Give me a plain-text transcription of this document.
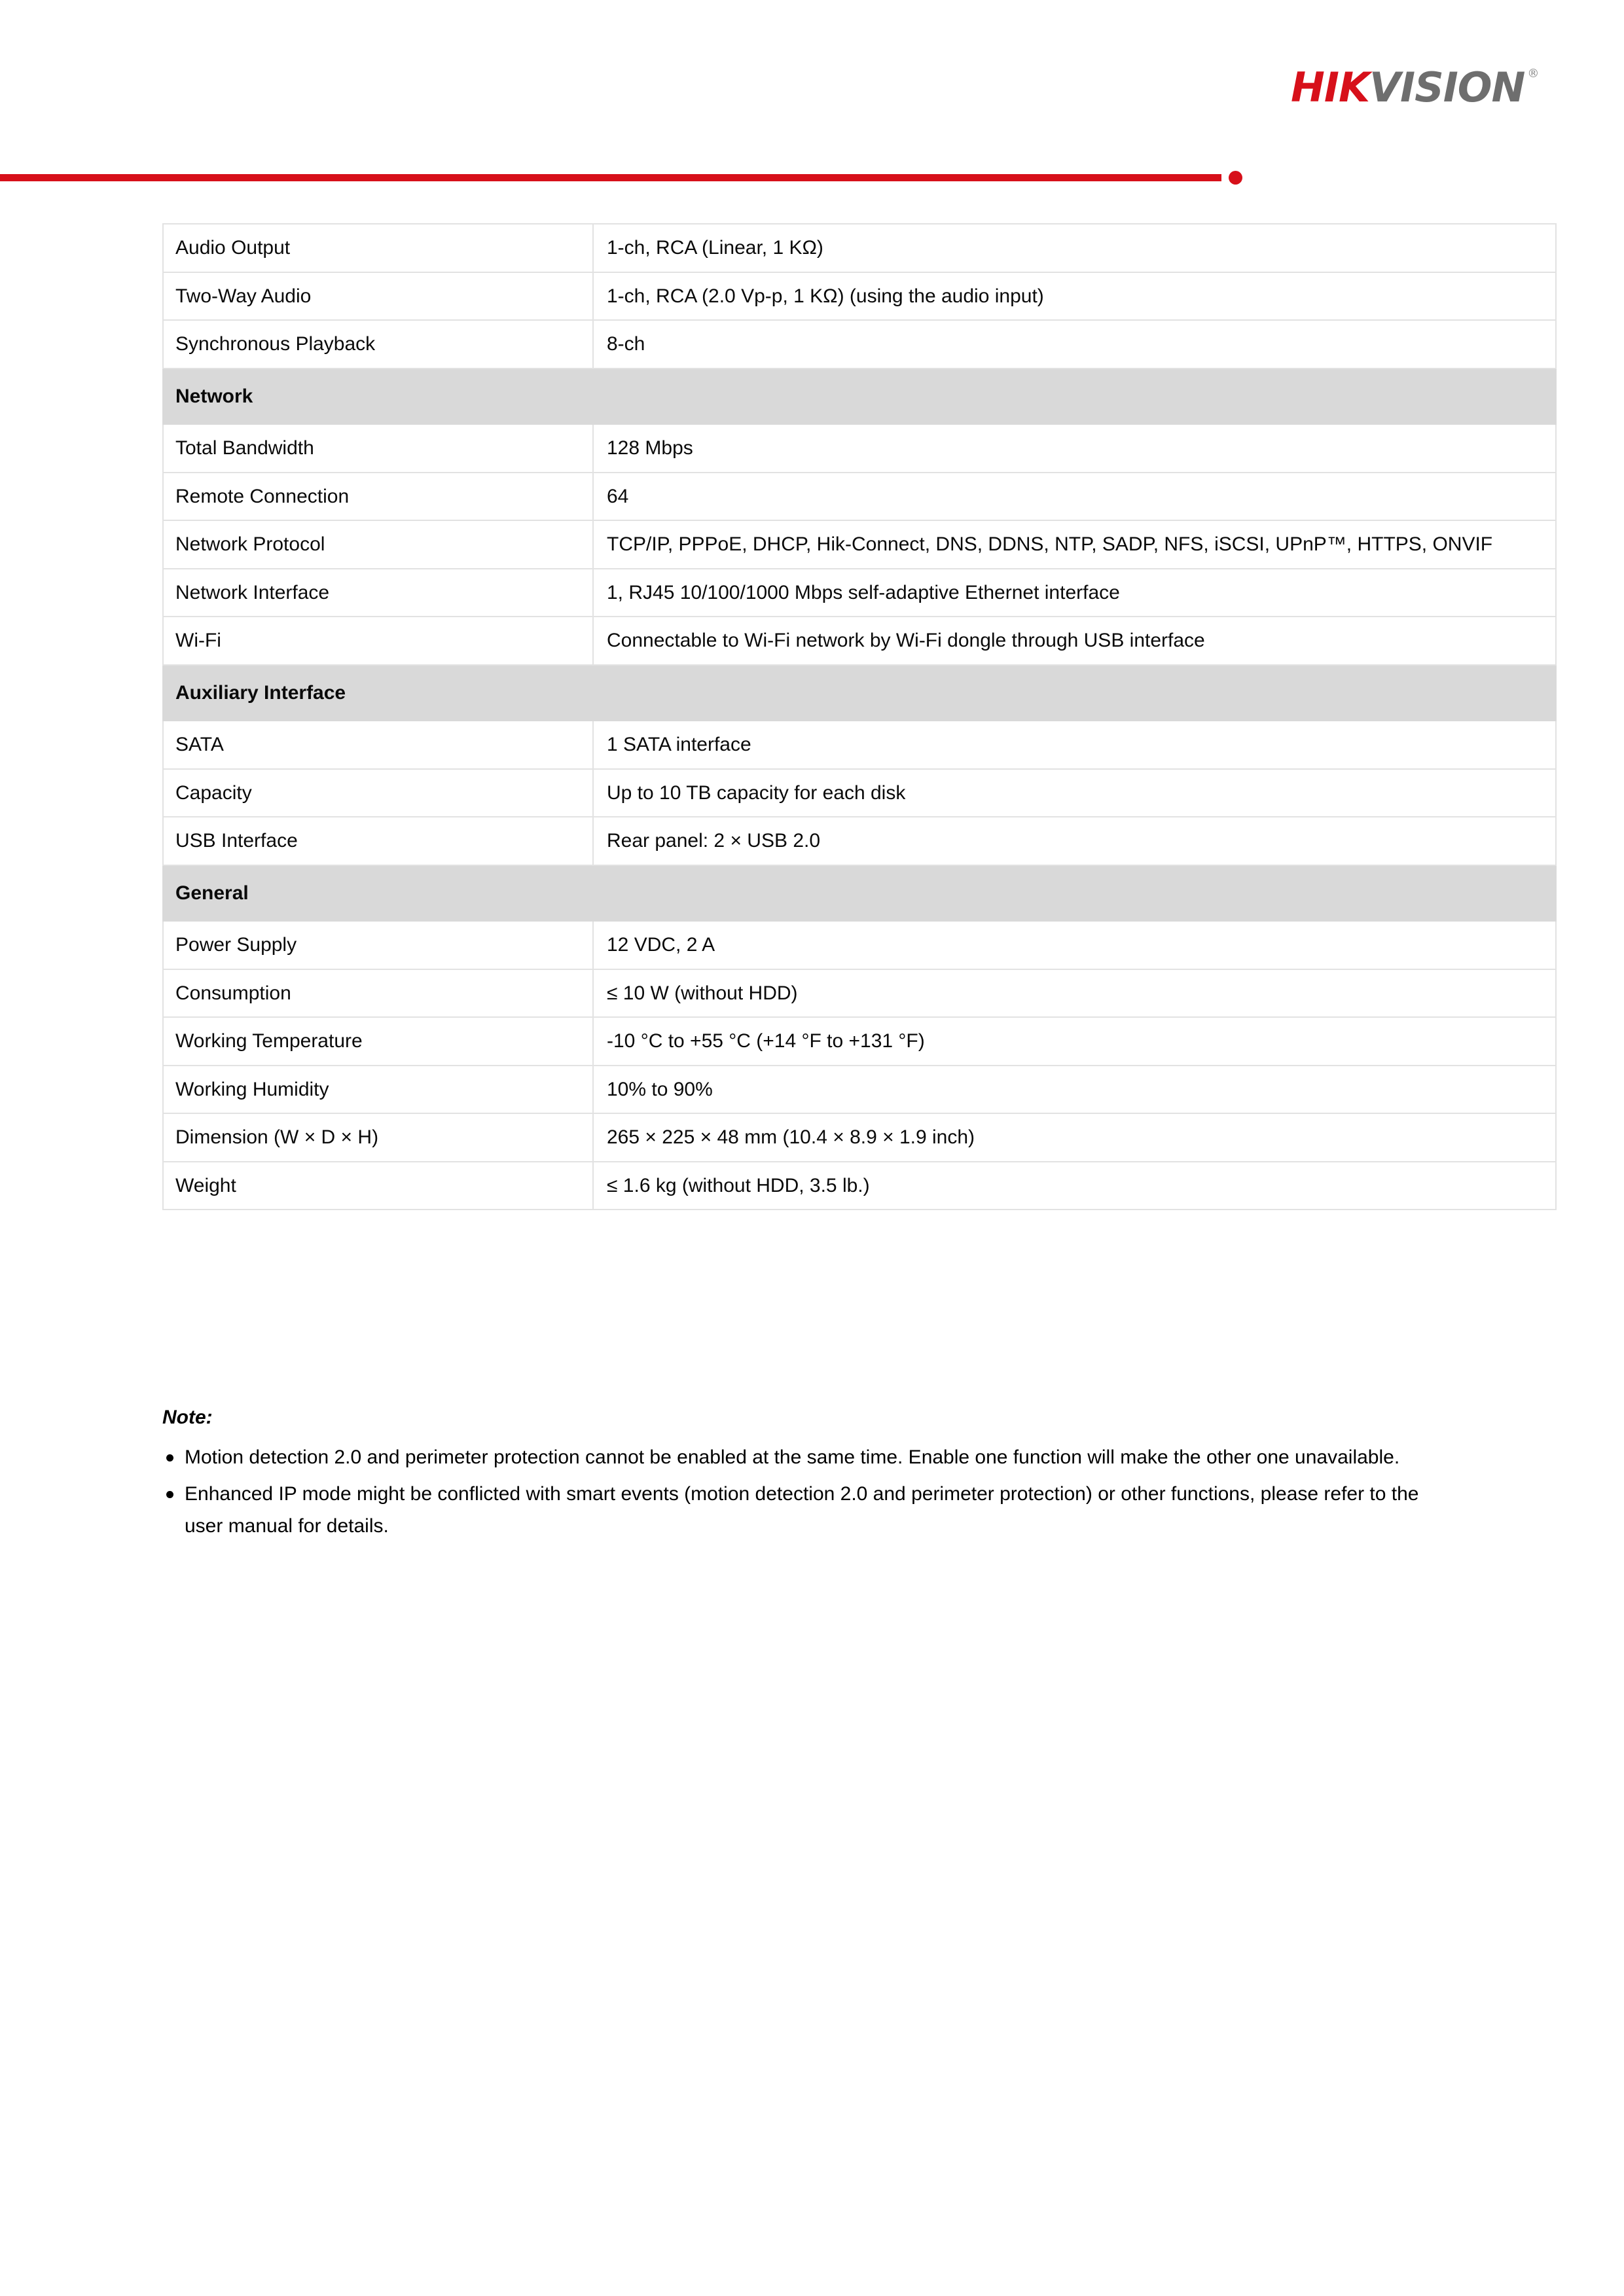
HIK VISION ®
Audio Output	1-ch, RCA (Linear, 1 KΩ)
Two-Way Audio	1-ch, RCA (2.0 Vp-p, 1 KΩ) (using the audio input)
Synchronous Playback	8-ch
Network	
Total Bandwidth	128 Mbps
Remote Connection	64
Network Protocol	TCP/IP, PPPoE, DHCP, Hik-Connect, DNS, DDNS, NTP, SADP, NFS, iSCSI, UPnP™, HTTPS, ONVIF
Network Interface	1, RJ45 10/100/1000 Mbps self-adaptive Ethernet interface
Wi-Fi	Connectable to Wi-Fi network by Wi-Fi dongle through USB interface
Auxiliary Interface	
SATA	1 SATA interface
Capacity	Up to 10 TB capacity for each disk
USB Interface	Rear panel: 2 × USB 2.0
General	
Power Supply	12 VDC, 2 A
Consumption	≤ 10 W (without HDD)
Working Temperature	-10 °C to +55 °C (+14 °F to +131 °F)
Working Humidity	10% to 90%
Dimension (W × D × H)	265 × 225 × 48 mm (10.4 × 8.9 × 1.9 inch)
Weight	≤ 1.6 kg (without HDD, 3.5 lb.)
Note:
Motion detection 2.0 and perimeter protection cannot be enabled at the same time. Enable one function will make the other one unavailable.
Enhanced IP mode might be conflicted with smart events (motion detection 2.0 and perimeter protection) or other functions, please refer to the user manual for details.
